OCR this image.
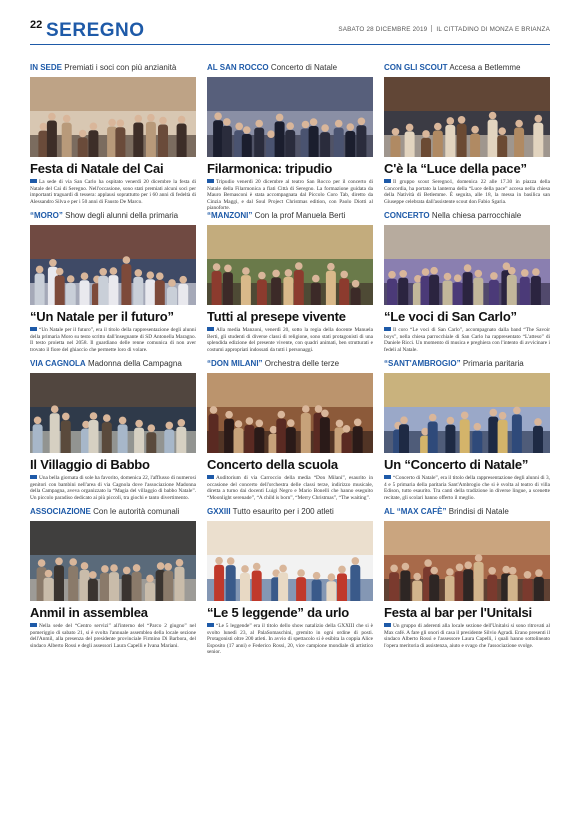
22 SEREGNO	SABATO 28 DICEMBRE 2019 IL CITTADINO DI MONZA E BRIANZA
IN SEDE Premiati i soci con più anzianità
Festa di Natale del Cai
La sede di via San Carlo ha ospitato venerdì 20 dicembre la festa di Natale del Cai di Seregno. Nell'occasione, sono stati premiati alcuni soci per importanti traguardi di tessera: applausi soprattutto per i 60 anni di fedeltà di Alessandro Silva e per i 50 anni di Fausto De Marco.
AL SAN ROCCO Concerto di Natale
Filarmonica: tripudio
Tripudio venerdì 20 dicembre al teatro San Rocco per il concerto di Natale della Filarmonica a fiati Città di Seregno. La formazione guidata da Mauro Bernasconi è stata accompagnata dal Piccolo Coro Tab, diretto da Cinzia Maggi, e dal Soul Project Christmas edition, con Paolo Diotti al pianoforte.
CON GLI SCOUT Accesa a Betlemme
C'è la “Luce della pace”
Il gruppo scout Seregno1, domenica 22 alle 17.30 in piazza della Concordia, ha portato la lanterna della “Luce della pace” accesa nella chiesa della Natività di Betlemme. È seguita, alle 18, la messa in basilica san Giuseppe celebrata dall'assistente scout don Fabio Sgaria.
“MORO” Show degli alunni della primaria
“Un Natale per il futuro”
“Un Natale per il futuro”, era il titolo della rappresentazione degli alunni della primaria Moro su testo scritto dall'insegnante di SD Antonella Maragno. Il testo proietta nel 2058. Il guardiano delle renne comunica di non aver trovato il fiore del ghiaccio che permette loro di volare.
“MANZONI” Con la prof Manuela Berti
Tutti al presepe vivente
Alla media Manzoni, venerdì 20, sotto la regia della docente Manuela Berti, gli studenti di diverse classi di religione, sono stati protagonisti di una splendida edizione del presente vivente, con quadri animati, ben strutturati e costumi appropriati indossati da tutti i personaggi.
CONCERTO Nella chiesa parrocchiale
“Le voci di San Carlo”
Il coro “Le voci di San Carlo”, accompagnato dalla band “The Savoir boys”, nella chiesa parrocchiale di San Carlo ha rappresentato “L'atteso” di Daniele Ricci. Un momento di musica e preghiera con l'intento di avvicinare i fedeli al Natale.
VIA CAGNOLA Madonna della Campagna
Il Villaggio di Babbo
Una bella giornata di sole ha favorito, domenica 22, l'afflusso di numerosi genitori con bambini nell'area di via Cagnola dove l'associazione Madonna della Campagna, aveva organizzato la “Magia del villaggio di babbo Natale”. Un piccolo paradiso dedicato ai più piccoli, tra giochi e tanto divertimento.
“DON MILANI” Orchestra delle terze
Concerto della scuola
Auditorium di via Carroccio della media “Don Milani”, esaurito in occasione del concerto dell'orchestra delle classi terze, indirizzo musicale, diretta a turno dai docenti Luigi Negro e Mario Bonelli che hanno eseguito “Moonlight serenade”, “A child is born”, “Merry Christmas”, “The waiting”.
“SANT'AMBROGIO” Primaria paritaria
Un “Concerto di Natale”
“Concerto di Natale”, era il titolo della rappresentazione degli alunni di 3, 4 e 5 primaria della paritaria Sant'Ambrogio che si è svolta al teatro di villa Edison, tutto esaurito. Tra canti della tradizione in diverse lingue, a scenette recitate, gli scolari hanno offerto il meglio.
ASSOCIAZIONE Con le autorità comunali
Anmil in assemblea
Nella sede del “Centro servizi” all'interno del “Parco 2 giugno” nel pomeriggio di sabato 21, si è svolta l'annuale assemblea della locale sezione dell'Anmil, alla presenza del presidente provinciale Firmino Di Barbora, del sindaco Alberto Rossi e degli assessori Laura Capelli e Ivana Mariani.
GXXIII Tutto esaurito per i 200 atleti
“Le 5 leggende” da urlo
“Le 5 leggende” era il titolo dello show natalizio della GXXIII che si è svolto lunedì 23, al PalaSomaschini, gremito in ogni ordine di posti. Protagonisti oltre 200 atleti. In avvio di spettacolo si è esibita la coppia Alice Esposito (17 anni) e Federico Rossi, 20, vice campione mondiale di artistico senior.
AL “MAX CAFÈ” Brindisi di Natale
Festa al bar per l'Unitalsi
Un gruppo di aderenti alla locale sezione dell'Unitalsi si sono ritrovati al Max café. A fare gli onori di casa il presidente Silvio Agradi. Erano presenti il sindaco Alberto Rossi e l'assessore Laura Capelli, i quali hanno sottolineato l'opera meritoria di assistenza, aiuto e svago che l'associazione svolge.
